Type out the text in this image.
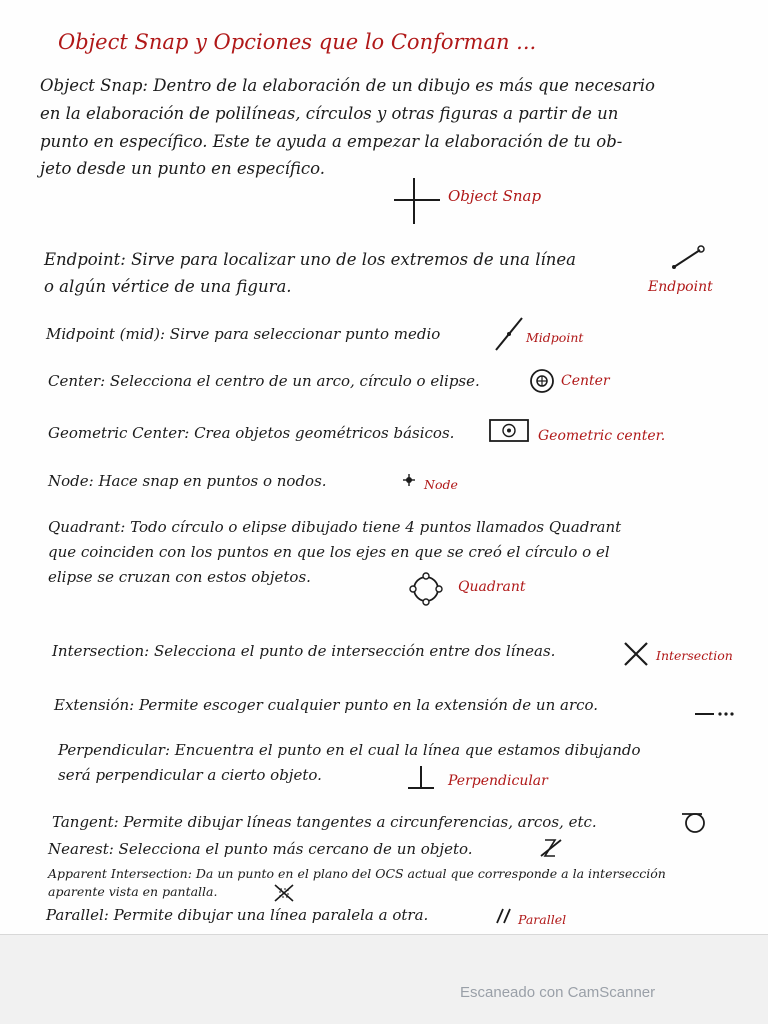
Object Snap y Opciones que lo Conforman ...
Object Snap: Dentro de la elaboración de un dibujo es más que necesario
en la elaboración de polilíneas, círculos y otras figuras a partir de un
punto en específico. Este te ayuda a empezar la elaboración de tu ob-
jeto desde un punto en específico.
Object Snap
Endpoint: Sirve para localizar uno de los extremos de una línea
o algún vértice de una figura.	Endpoint
Midpoint (mid): Sirve para seleccionar punto medio	Midpoint
Center: Selecciona el centro de un arco, círculo o elipse.	Center
Geometric Center: Crea objetos geométricos básicos.	Geometric center.
Node: Hace snap en puntos o nodos.	Node
Quadrant: Todo círculo o elipse dibujado tiene 4 puntos llamados Quadrant
que coinciden con los puntos en que los ejes en que se creó el círculo o el
elipse se cruzan con estos objetos.
Quadrant
Intersection: Selecciona el punto de intersección entre dos líneas.	Intersection
Extensión: Permite escoger cualquier punto en la extensión de un arco.
Perpendicular: Encuentra el punto en el cual la línea que estamos dibujando
será perpendicular a cierto objeto.	Perpendicular
Tangent: Permite dibujar líneas tangentes a circunferencias, arcos, etc.
Nearest: Selecciona el punto más cercano de un objeto.
Apparent Intersection: Da un punto en el plano del OCS actual que corresponde a la intersección
aparente vista en pantalla.
Parallel: Permite dibujar una línea paralela a otra.	Parallel
Escaneado con CamScanner
